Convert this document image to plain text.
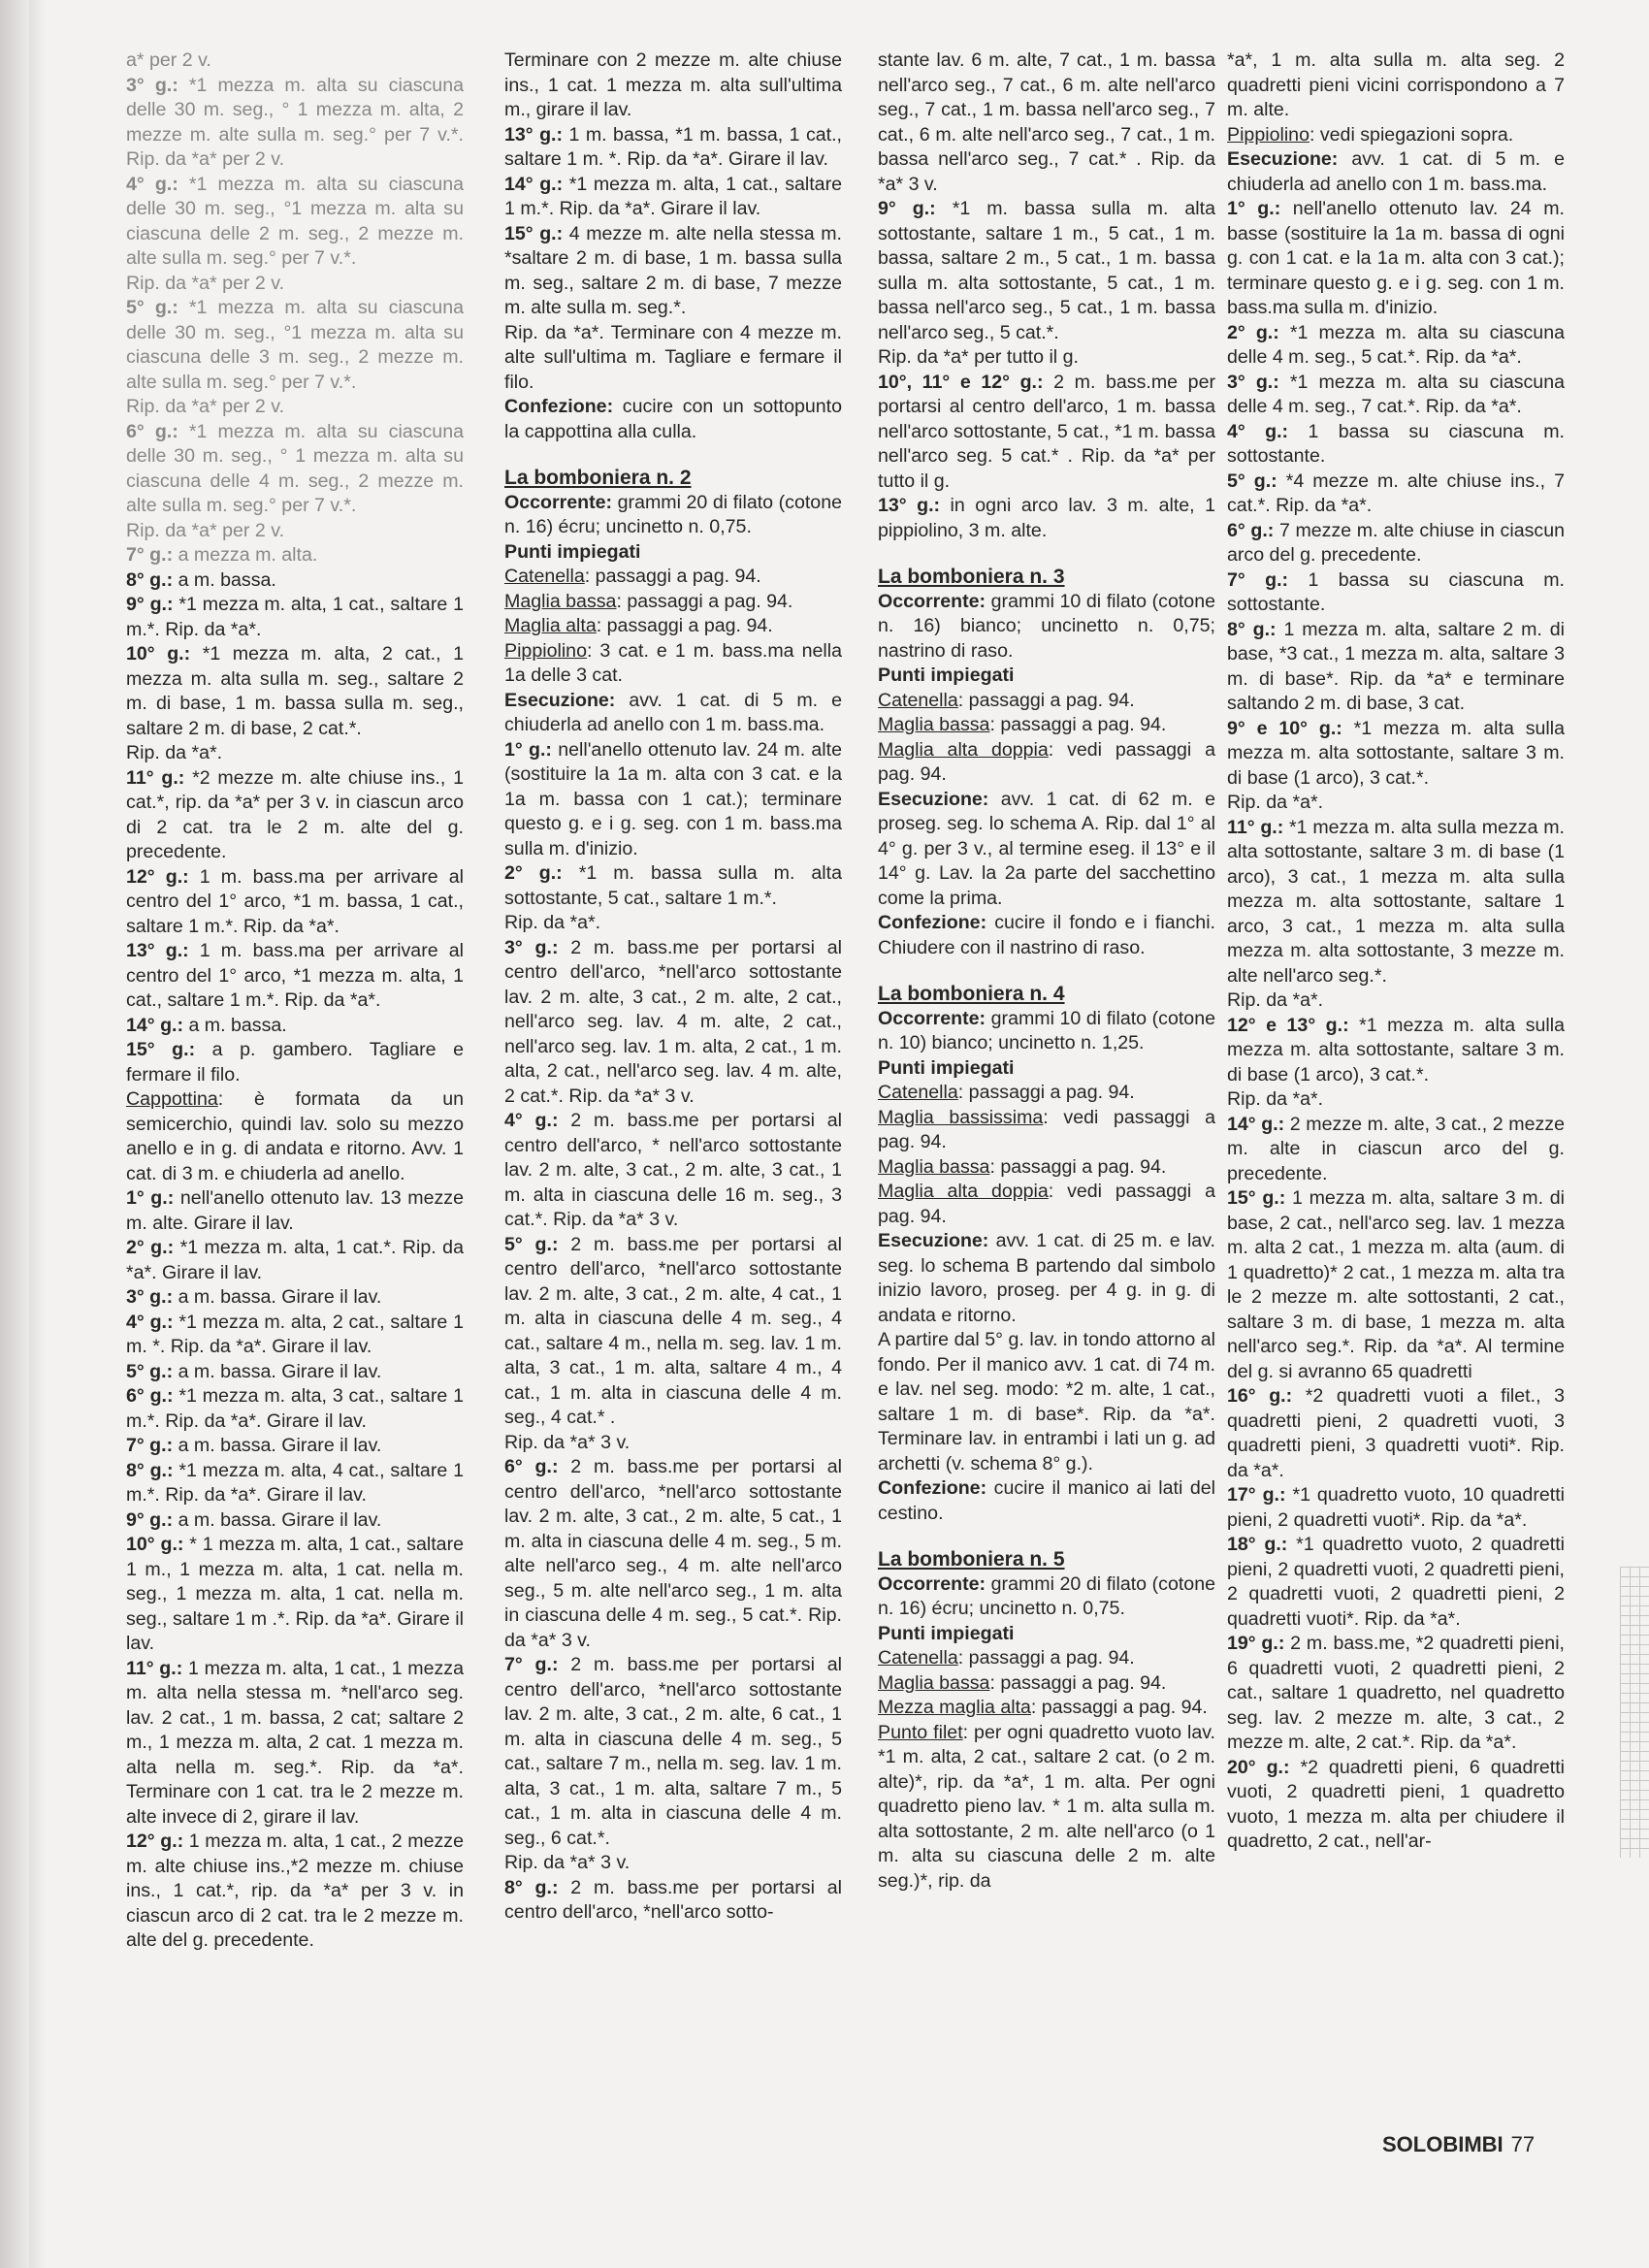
a* per 2 v.
3° g.: *1 mezza m. alta su ciascuna delle 30 m. seg., ° 1 mezza m. alta, 2 mezze m. alte sulla m. seg.° per 7 v.*. Rip. da *a* per 2 v.
4° g.: *1 mezza m. alta su ciascuna delle 30 m. seg., °1 mezza m. alta su ciascuna delle 2 m. seg., 2 mezze m. alte sulla m. seg.° per 7 v.*.
Rip. da *a* per 2 v.
5° g.: *1 mezza m. alta su ciascuna delle 30 m. seg., °1 mezza m. alta su ciascuna delle 3 m. seg., 2 mezze m. alte sulla m. seg.° per 7 v.*.
Rip. da *a* per 2 v.
6° g.: *1 mezza m. alta su ciascuna delle 30 m. seg., ° 1 mezza m. alta su ciascuna delle 4 m. seg., 2 mezze m. alte sulla m. seg.° per 7 v.*.
Rip. da *a* per 2 v.
7° g.: a mezza m. alta.
8° g.: a m. bassa.
9° g.: *1 mezza m. alta, 1 cat., saltare 1 m.*. Rip. da *a*.
10° g.: *1 mezza m. alta, 2 cat., 1 mezza m. alta sulla m. seg., saltare 2 m. di base, 1 m. bassa sulla m. seg., saltare 2 m. di base, 2 cat.*.
Rip. da *a*.
11° g.: *2 mezze m. alte chiuse ins., 1 cat.*, rip. da *a* per 3 v. in ciascun arco di 2 cat. tra le 2 m. alte del g. precedente.
12° g.: 1 m. bass.ma per arrivare al centro del 1° arco, *1 m. bassa, 1 cat., saltare 1 m.*. Rip. da *a*.
13° g.: 1 m. bass.ma per arrivare al centro del 1° arco, *1 mezza m. alta, 1 cat., saltare 1 m.*. Rip. da *a*.
14° g.: a m. bassa.
15° g.: a p. gambero. Tagliare e fermare il filo.
Cappottina: è formata da un semicerchio, quindi lav. solo su mezzo anello e in g. di andata e ritorno. Avv. 1 cat. di 3 m. e chiuderla ad anello.
1° g.: nell'anello ottenuto lav. 13 mezze m. alte. Girare il lav.
2° g.: *1 mezza m. alta, 1 cat.*. Rip. da *a*. Girare il lav.
3° g.: a m. bassa. Girare il lav.
4° g.: *1 mezza m. alta, 2 cat., saltare 1 m. *. Rip. da *a*. Girare il lav.
5° g.: a m. bassa. Girare il lav.
6° g.: *1 mezza m. alta, 3 cat., saltare 1 m.*. Rip. da *a*. Girare il lav.
7° g.: a m. bassa. Girare il lav.
8° g.: *1 mezza m. alta, 4 cat., saltare 1 m.*. Rip. da *a*. Girare il lav.
9° g.: a m. bassa. Girare il lav.
10° g.: * 1 mezza m. alta, 1 cat., saltare 1 m., 1 mezza m. alta, 1 cat. nella m. seg., 1 mezza m. alta, 1 cat. nella m. seg., saltare 1 m .*. Rip. da *a*. Girare il lav.
11° g.: 1 mezza m. alta, 1 cat., 1 mezza m. alta nella stessa m. *nell'arco seg. lav. 2 cat., 1 m. bassa, 2 cat; saltare 2 m., 1 mezza m. alta, 2 cat. 1 mezza m. alta nella m. seg.*. Rip. da *a*. Terminare con 1 cat. tra le 2 mezze m. alte invece di 2, girare il lav.
12° g.: 1 mezza m. alta, 1 cat., 2 mezze m. alte chiuse ins.,*2 mezze m. chiuse ins., 1 cat.*, rip. da *a* per 3 v. in ciascun arco di 2 cat. tra le 2 mezze m. alte del g. precedente.
Terminare con 2 mezze m. alte chiuse ins., 1 cat. 1 mezza m. alta sull'ultima m., girare il lav.
13° g.: 1 m. bassa, *1 m. bassa, 1 cat., saltare 1 m. *. Rip. da *a*. Girare il lav.
14° g.: *1 mezza m. alta, 1 cat., saltare 1 m.*. Rip. da *a*. Girare il lav.
15° g.: 4 mezze m. alte nella stessa m. *saltare 2 m. di base, 1 m. bassa sulla m. seg., saltare 2 m. di base, 7 mezze m. alte sulla m. seg.*.
Rip. da *a*. Terminare con 4 mezze m. alte sull'ultima m. Tagliare e fermare il filo.
Confezione: cucire con un sottopunto la cappottina alla culla.
La bomboniera n. 2
Occorrente: grammi 20 di filato (cotone n. 16) écru; uncinetto n. 0,75.
Punti impiegati
Catenella: passaggi a pag. 94.
Maglia bassa: passaggi a pag. 94.
Maglia alta: passaggi a pag. 94.
Pippiolino: 3 cat. e 1 m. bass.ma nella 1a delle 3 cat.
Esecuzione: avv. 1 cat. di 5 m. e chiuderla ad anello con 1 m. bass.ma.
1° g.: nell'anello ottenuto lav. 24 m. alte (sostituire la 1a m. alta con 3 cat. e la 1a m. bassa con 1 cat.); terminare questo g. e i g. seg. con 1 m. bass.ma sulla m. d'inizio.
2° g.: *1 m. bassa sulla m. alta sottostante, 5 cat., saltare 1 m.*.
Rip. da *a*.
3° g.: 2 m. bass.me per portarsi al centro dell'arco, *nell'arco sottostante lav. 2 m. alte, 3 cat., 2 m. alte, 2 cat., nell'arco seg. lav. 4 m. alte, 2 cat., nell'arco seg. lav. 1 m. alta, 2 cat., 1 m. alta, 2 cat., nell'arco seg. lav. 4 m. alte, 2 cat.*. Rip. da *a* 3 v.
4° g.: 2 m. bass.me per portarsi al centro dell'arco, * nell'arco sottostante lav. 2 m. alte, 3 cat., 2 m. alte, 3 cat., 1 m. alta in ciascuna delle 16 m. seg., 3 cat.*. Rip. da *a* 3 v.
5° g.: 2 m. bass.me per portarsi al centro dell'arco, *nell'arco sottostante lav. 2 m. alte, 3 cat., 2 m. alte, 4 cat., 1 m. alta in ciascuna delle 4 m. seg., 4 cat., saltare 4 m., nella m. seg. lav. 1 m. alta, 3 cat., 1 m. alta, saltare 4 m., 4 cat., 1 m. alta in ciascuna delle 4 m. seg., 4 cat.* .
Rip. da *a* 3 v.
6° g.: 2 m. bass.me per portarsi al centro dell'arco, *nell'arco sottostante lav. 2 m. alte, 3 cat., 2 m. alte, 5 cat., 1 m. alta in ciascuna delle 4 m. seg., 5 m. alte nell'arco seg., 4 m. alte nell'arco seg., 5 m. alte nell'arco seg., 1 m. alta in ciascuna delle 4 m. seg., 5 cat.*. Rip. da *a* 3 v.
7° g.: 2 m. bass.me per portarsi al centro dell'arco, *nell'arco sottostante lav. 2 m. alte, 3 cat., 2 m. alte, 6 cat., 1 m. alta in ciascuna delle 4 m. seg., 5 cat., saltare 7 m., nella m. seg. lav. 1 m. alta, 3 cat., 1 m. alta, saltare 7 m., 5 cat., 1 m. alta in ciascuna delle 4 m. seg., 6 cat.*.
Rip. da *a* 3 v.
8° g.: 2 m. bass.me per portarsi al centro dell'arco, *nell'arco sotto-
stante lav. 6 m. alte, 7 cat., 1 m. bassa nell'arco seg., 7 cat., 6 m. alte nell'arco seg., 7 cat., 1 m. bassa nell'arco seg., 7 cat., 6 m. alte nell'arco seg., 7 cat., 1 m. bassa nell'arco seg., 7 cat.* . Rip. da *a* 3 v.
9° g.: *1 m. bassa sulla m. alta sottostante, saltare 1 m., 5 cat., 1 m. bassa, saltare 2 m., 5 cat., 1 m. bassa sulla m. alta sottostante, 5 cat., 1 m. bassa nell'arco seg., 5 cat., 1 m. bassa nell'arco seg., 5 cat.*.
Rip. da *a* per tutto il g.
10°, 11° e 12° g.: 2 m. bass.me per portarsi al centro dell'arco, 1 m. bassa nell'arco sottostante, 5 cat., *1 m. bassa nell'arco seg. 5 cat.* . Rip. da *a* per tutto il g.
13° g.: in ogni arco lav. 3 m. alte, 1 pippiolino, 3 m. alte.
La bomboniera n. 3
Occorrente: grammi 10 di filato (cotone n. 16) bianco; uncinetto n. 0,75; nastrino di raso.
Punti impiegati
Catenella: passaggi a pag. 94.
Maglia bassa: passaggi a pag. 94.
Maglia alta doppia: vedi passaggi a pag. 94.
Esecuzione: avv. 1 cat. di 62 m. e proseg. seg. lo schema A. Rip. dal 1° al 4° g. per 3 v., al termine eseg. il 13° e il 14° g. Lav. la 2a parte del sacchettino come la prima.
Confezione: cucire il fondo e i fianchi. Chiudere con il nastrino di raso.
La bomboniera n. 4
Occorrente: grammi 10 di filato (cotone n. 10) bianco; uncinetto n. 1,25.
Punti impiegati
Catenella: passaggi a pag. 94.
Maglia bassissima: vedi passaggi a pag. 94.
Maglia bassa: passaggi a pag. 94.
Maglia alta doppia: vedi passaggi a pag. 94.
Esecuzione: avv. 1 cat. di 25 m. e lav. seg. lo schema B partendo dal simbolo inizio lavoro, proseg. per 4 g. in g. di andata e ritorno.
A partire dal 5° g. lav. in tondo attorno al fondo. Per il manico avv. 1 cat. di 74 m. e lav. nel seg. modo: *2 m. alte, 1 cat., saltare 1 m. di base*. Rip. da *a*. Terminare lav. in entrambi i lati un g. ad archetti (v. schema 8° g.).
Confezione: cucire il manico ai lati del cestino.
La bomboniera n. 5
Occorrente: grammi 20 di filato (cotone n. 16) écru; uncinetto n. 0,75.
Punti impiegati
Catenella: passaggi a pag. 94.
Maglia bassa: passaggi a pag. 94.
Mezza maglia alta: passaggi a pag. 94.
Punto filet: per ogni quadretto vuoto lav. *1 m. alta, 2 cat., saltare 2 cat. (o 2 m. alte)*, rip. da *a*, 1 m. alta. Per ogni quadretto pieno lav. * 1 m. alta sulla m. alta sottostante, 2 m. alte nell'arco (o 1 m. alta su ciascuna delle 2 m. alte seg.)*, rip. da
*a*, 1 m. alta sulla m. alta seg. 2 quadretti pieni vicini corrispondono a 7 m. alte.
Pippiolino: vedi spiegazioni sopra.
Esecuzione: avv. 1 cat. di 5 m. e chiuderla ad anello con 1 m. bass.ma.
1° g.: nell'anello ottenuto lav. 24 m. basse (sostituire la 1a m. bassa di ogni g. con 1 cat. e la 1a m. alta con 3 cat.); terminare questo g. e i g. seg. con 1 m. bass.ma sulla m. d'inizio.
2° g.: *1 mezza m. alta su ciascuna delle 4 m. seg., 5 cat.*. Rip. da *a*.
3° g.: *1 mezza m. alta su ciascuna delle 4 m. seg., 7 cat.*. Rip. da *a*.
4° g.: 1 bassa su ciascuna m. sottostante.
5° g.: *4 mezze m. alte chiuse ins., 7 cat.*. Rip. da *a*.
6° g.: 7 mezze m. alte chiuse in ciascun arco del g. precedente.
7° g.: 1 bassa su ciascuna m. sottostante.
8° g.: 1 mezza m. alta, saltare 2 m. di base, *3 cat., 1 mezza m. alta, saltare 3 m. di base*. Rip. da *a* e terminare saltando 2 m. di base, 3 cat.
9° e 10° g.: *1 mezza m. alta sulla mezza m. alta sottostante, saltare 3 m. di base (1 arco), 3 cat.*.
Rip. da *a*.
11° g.: *1 mezza m. alta sulla mezza m. alta sottostante, saltare 3 m. di base (1 arco), 3 cat., 1 mezza m. alta sulla mezza m. alta sottostante, saltare 1 arco, 3 cat., 1 mezza m. alta sulla mezza m. alta sottostante, 3 mezze m. alte nell'arco seg.*.
Rip. da *a*.
12° e 13° g.: *1 mezza m. alta sulla mezza m. alta sottostante, saltare 3 m. di base (1 arco), 3 cat.*.
Rip. da *a*.
14° g.: 2 mezze m. alte, 3 cat., 2 mezze m. alte in ciascun arco del g. precedente.
15° g.: 1 mezza m. alta, saltare 3 m. di base, 2 cat., nell'arco seg. lav. 1 mezza m. alta 2 cat., 1 mezza m. alta (aum. di 1 quadretto)* 2 cat., 1 mezza m. alta tra le 2 mezze m. alte sottostanti, 2 cat., saltare 3 m. di base, 1 mezza m. alta nell'arco seg.*. Rip. da *a*. Al termine del g. si avranno 65 quadretti
16° g.: *2 quadretti vuoti a filet., 3 quadretti pieni, 2 quadretti vuoti, 3 quadretti pieni, 3 quadretti vuoti*. Rip. da *a*.
17° g.: *1 quadretto vuoto, 10 quadretti pieni, 2 quadretti vuoti*. Rip. da *a*.
18° g.: *1 quadretto vuoto, 2 quadretti pieni, 2 quadretti vuoti, 2 quadretti pieni, 2 quadretti vuoti, 2 quadretti pieni, 2 quadretti vuoti*. Rip. da *a*.
19° g.: 2 m. bass.me, *2 quadretti pieni, 6 quadretti vuoti, 2 quadretti pieni, 2 cat., saltare 1 quadretto, nel quadretto seg. lav. 2 mezze m. alte, 3 cat., 2 mezze m. alte, 2 cat.*. Rip. da *a*.
20° g.: *2 quadretti pieni, 6 quadretti vuoti, 2 quadretti pieni, 1 quadretto vuoto, 1 mezza m. alta per chiudere il quadretto, 2 cat., nell'ar-
SOLOBIMBI 77
